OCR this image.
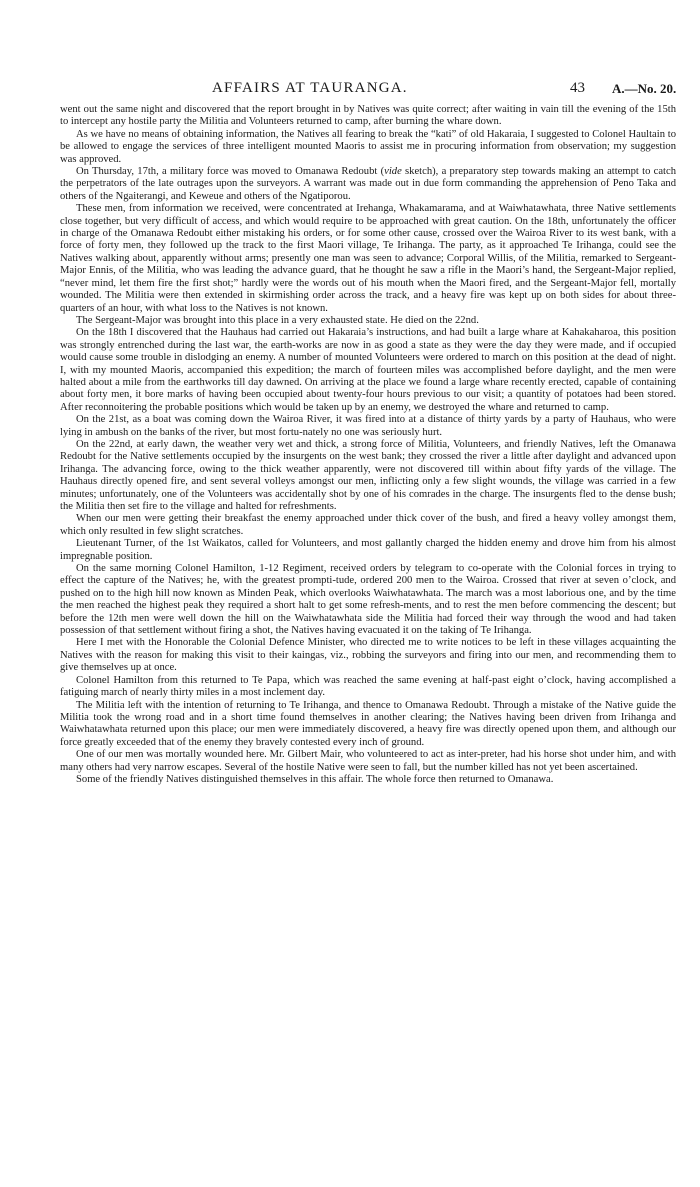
AFFAIRS AT TAURANGA.	43 A.—No. 20.

went out the same night and discovered that the report brought in by Natives was quite correct; after waiting in vain till the evening of the 15th to intercept any hostile party the Militia and Volunteers returned to camp, after burning the whare down.

As we have no means of obtaining information, the Natives all fearing to break the “kati” of old Hakaraia, I suggested to Colonel Haultain to be allowed to engage the services of three intelligent mounted Maoris to assist me in procuring information from observation; my suggestion was approved.

On Thursday, 17th, a military force was moved to Omanawa Redoubt (vide sketch), a preparatory step towards making an attempt to catch the perpetrators of the late outrages upon the surveyors. A warrant was made out in due form commanding the apprehension of Peno Taka and others of the Ngaiterangi, and Keweue and others of the Ngatiporou.

These men, from information we received, were concentrated at Irehanga, Whakamarama, and at Waiwhatawhata, three Native settlements close together, but very difficult of access, and which would require to be approached with great caution. On the 18th, unfortunately the officer in charge of the Omanawa Redoubt either mistaking his orders, or for some other cause, crossed over the Wairoa River to its west bank, with a force of forty men, they followed up the track to the first Maori village, Te Irihanga. The party, as it approached Te Irihanga, could see the Natives walking about, apparently without arms; presently one man was seen to advance; Corporal Willis, of the Militia, remarked to Sergeant-Major Ennis, of the Militia, who was leading the advance guard, that he thought he saw a rifle in the Maori’s hand, the Sergeant-Major replied, “never mind, let them fire the first shot;” hardly were the words out of his mouth when the Maori fired, and the Sergeant-Major fell, mortally wounded. The Militia were then extended in skirmishing order across the track, and a heavy fire was kept up on both sides for about three-quarters of an hour, with what loss to the Natives is not known.

The Sergeant-Major was brought into this place in a very exhausted state. He died on the 22nd.

On the 18th I discovered that the Hauhaus had carried out Hakaraia’s instructions, and had built a large whare at Kahakaharoa, this position was strongly entrenched during the last war, the earth-works are now in as good a state as they were the day they were made, and if occupied would cause some trouble in dislodging an enemy. A number of mounted Volunteers were ordered to march on this position at the dead of night. I, with my mounted Maoris, accompanied this expedition; the march of fourteen miles was accomplished before daylight, and the men were halted about a mile from the earthworks till day dawned. On arriving at the place we found a large whare recently erected, capable of containing about forty men, it bore marks of having been occupied about twenty-four hours previous to our visit; a quantity of potatoes had been stored. After reconnoitering the probable positions which would be taken up by an enemy, we destroyed the whare and returned to camp.

On the 21st, as a boat was coming down the Wairoa River, it was fired into at a distance of thirty yards by a party of Hauhaus, who were lying in ambush on the banks of the river, but most fortu-nately no one was seriously hurt.

On the 22nd, at early dawn, the weather very wet and thick, a strong force of Militia, Volunteers, and friendly Natives, left the Omanawa Redoubt for the Native settlements occupied by the insurgents on the west bank; they crossed the river a little after daylight and advanced upon Irihanga. The advancing force, owing to the thick weather apparently, were not discovered till within about fifty yards of the village. The Hauhaus directly opened fire, and sent several volleys amongst our men, inflicting only a few slight wounds, the village was carried in a few minutes; unfortunately, one of the Volunteers was accidentally shot by one of his comrades in the charge. The insurgents fled to the dense bush; the Militia then set fire to the village and halted for refreshments.

When our men were getting their breakfast the enemy approached under thick cover of the bush, and fired a heavy volley amongst them, which only resulted in few slight scratches.

Lieutenant Turner, of the 1st Waikatos, called for Volunteers, and most gallantly charged the hidden enemy and drove him from his almost impregnable position.

On the same morning Colonel Hamilton, 1-12 Regiment, received orders by telegram to co-operate with the Colonial forces in trying to effect the capture of the Natives; he, with the greatest prompti-tude, ordered 200 men to the Wairoa. Crossed that river at seven o’clock, and pushed on to the high hill now known as Minden Peak, which overlooks Waiwhatawhata. The march was a most laborious one, and by the time the men reached the highest peak they required a short halt to get some refresh-ments, and to rest the men before commencing the descent; but before the 12th men were well down the hill on the Waiwhatawhata side the Militia had forced their way through the wood and had taken possession of that settlement without firing a shot, the Natives having evacuated it on the taking of Te Irihanga.

Here I met with the Honorable the Colonial Defence Minister, who directed me to write notices to be left in these villages acquainting the Natives with the reason for making this visit to their kaingas, viz., robbing the surveyors and firing into our men, and recommending them to give themselves up at once.

Colonel Hamilton from this returned to Te Papa, which was reached the same evening at half-past eight o’clock, having accomplished a fatiguing march of nearly thirty miles in a most inclement day.

The Militia left with the intention of returning to Te Irihanga, and thence to Omanawa Redoubt. Through a mistake of the Native guide the Militia took the wrong road and in a short time found themselves in another clearing; the Natives having been driven from Irihanga and Waiwhatawhata returned upon this place; our men were immediately discovered, a heavy fire was directly opened upon them, and although our force greatly exceeded that of the enemy they bravely contested every inch of ground.

One of our men was mortally wounded here. Mr. Gilbert Mair, who volunteered to act as inter-preter, had his horse shot under him, and with many others had very narrow escapes. Several of the hostile Native were seen to fall, but the number killed has not yet been ascertained.

Some of the friendly Natives distinguished themselves in this affair. The whole force then returned to Omanawa.
